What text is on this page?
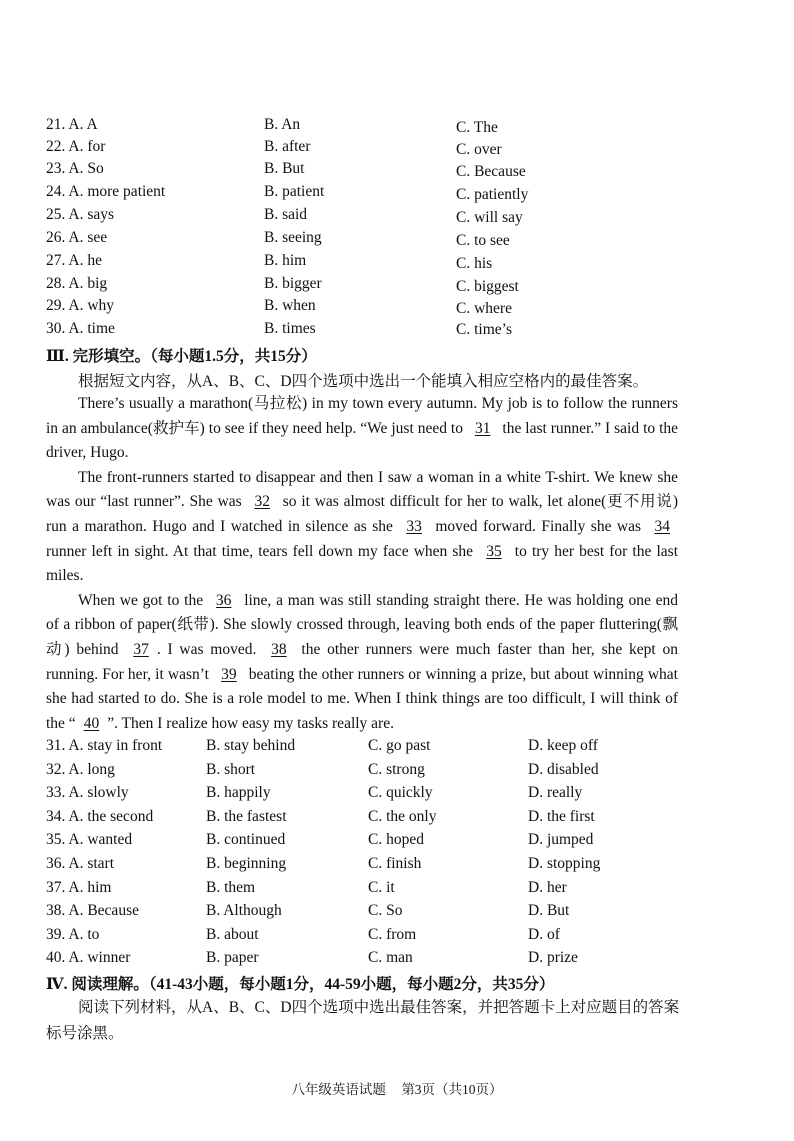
21. A. A	B. An	C. The
22. A. for	B. after	C. over
23. A. So	B. But	C. Because
24. A. more patient	B. patient	C. patiently
25. A. says	B. said	C. will say
26. A. see	B. seeing	C. to see
27. A. he	B. him	C. his
28. A. big	B. bigger	C. biggest
29. A. why	B. when	C. where
30. A. time	B. times	C. time’s
Ⅲ. 完形填空。（每小题1.5分，共15分）
根据短文内容，从A、B、C、D四个选项中选出一个能填入相应空格内的最佳答案。

There’s usually a marathon(马拉松) in my town every autumn. My job is to follow the runners in an ambulance(救护车) to see if they need help. “We just need to 31 the last runner.” I said to the driver, Hugo.

The front-runners started to disappear and then I saw a woman in a white T-shirt. We knew she was our “last runner”. She was 32 so it was almost difficult for her to walk, let alone(更不用说) run a marathon. Hugo and I watched in silence as she 33 moved forward. Finally she was 34 runner left in sight. At that time, tears fell down my face when she 35 to try her best for the last miles.

When we got to the 36 line, a man was still standing straight there. He was holding one end of a ribbon of paper(纸带). She slowly crossed through, leaving both ends of the paper fluttering(飘动) behind 37 . I was moved. 38 the other runners were much faster than her, she kept on running. For her, it wasn’t 39 beating the other runners or winning a prize, but about winning what she had started to do. She is a role model to me. When I think things are too difficult, I will think of the “ 40 ”. Then I realize how easy my tasks really are.

31. A. stay in front	B. stay behind	C. go past	D. keep off
32. A. long	B. short	C. strong	D. disabled
33. A. slowly	B. happily	C. quickly	D. really
34. A. the second	B. the fastest	C. the only	D. the first
35. A. wanted	B. continued	C. hoped	D. jumped
36. A. start	B. beginning	C. finish	D. stopping
37. A. him	B. them	C. it	D. her
38. A. Because	B. Although	C. So	D. But
39. A. to	B. about	C. from	D. of
40. A. winner	B. paper	C. man	D. prize
Ⅳ. 阅读理解。（41-43小题，每小题1分，44-59小题，每小题2分，共35分）
阅读下列材料，从A、B、C、D四个选项中选出最佳答案，并把答题卡上对应题目的答案标号涂黑。
八年级英语试题 第3页（共10页）
